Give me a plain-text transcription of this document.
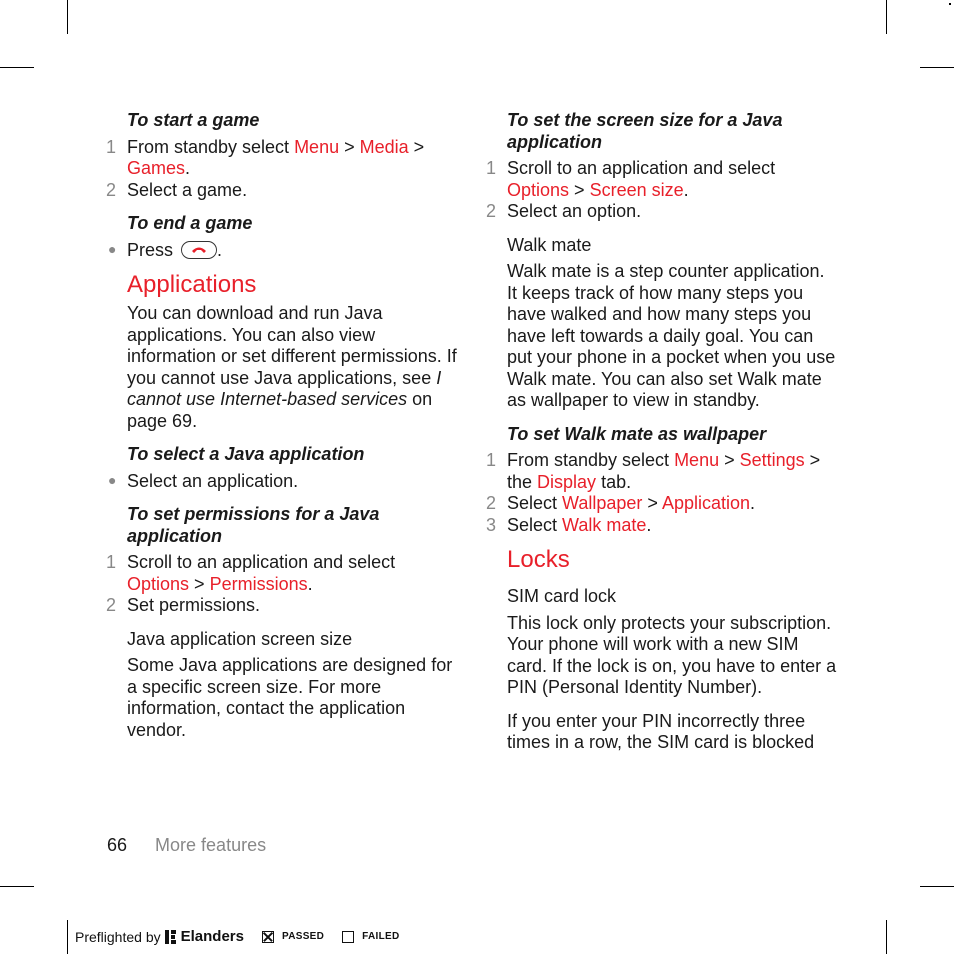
To start a game

1 From standby select Menu > Media > Games.

2 Select a game.

To end a game

● Press
.

Applications

You can download and run Java applications. You can also view information or set different permissions. If you cannot use Java applications, see I cannot use Internet-based services on page 69.

To select a Java application

● Select an application.

To set permissions for a Java application

1 Scroll to an application and select Options > Permissions.

2 Set permissions.

Java application screen size

Some Java applications are designed for a specific screen size. For more information, contact the application vendor.

To set the screen size for a Java application

1 Scroll to an application and select Options > Screen size.

2 Select an option.

Walk mate

Walk mate is a step counter application. It keeps track of how many steps you have walked and how many steps you have left towards a daily goal. You can put your phone in a pocket when you use Walk mate. You can also set Walk mate as wallpaper to view in standby.

To set Walk mate as wallpaper

1 From standby select Menu > Settings > the Display tab.

2 Select Wallpaper > Application.

3 Select Walk mate.

Locks
SIM card lock

This lock only protects your subscription. Your phone will work with a new SIM card. If the lock is on, you have to enter a PIN (Personal Identity Number).

If you enter your PIN incorrectly three times in a row, the SIM card is blocked

66 More features
Preflighted by Elanders	PASSED	FAILED
